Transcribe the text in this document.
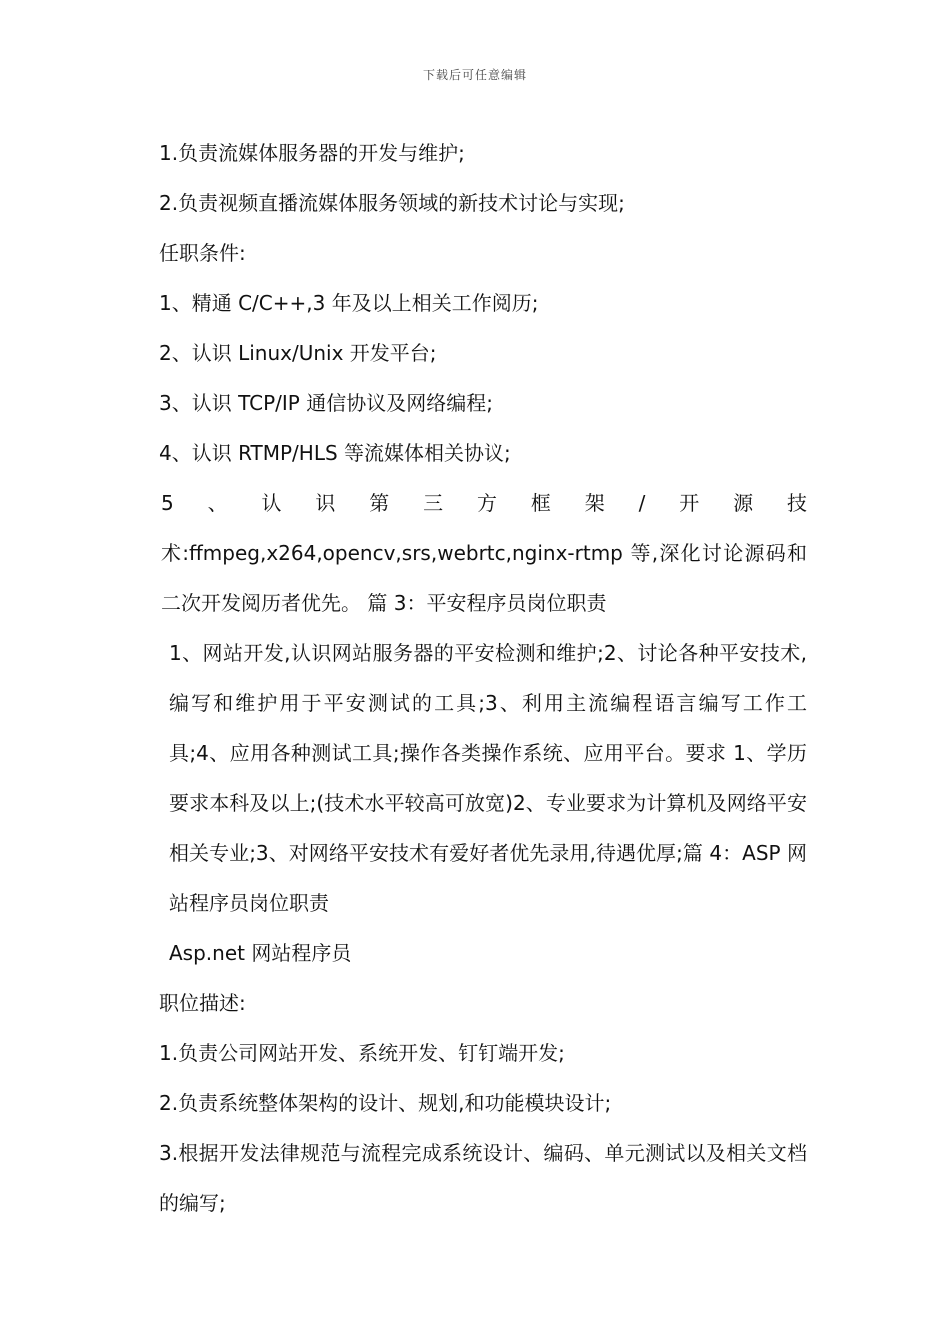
下载后可任意编辑

1.负责流媒体服务器的开发与维护;

2.负责视频直播流媒体服务领域的新技术讨论与实现;

任职条件:

1、精通 C/C++,3 年及以上相关工作阅历;

2、认识 Linux/Unix 开发平台;

3、认识 TCP/IP 通信协议及网络编程;

4、认识 RTMP/HLS 等流媒体相关协议;

5、认识第三方框架/开源技术:ffmpeg,x264,opencv,srs,webrtc,nginx-rtmp 等,深化讨论源码和二次开发阅历者优先。 篇 3：平安程序员岗位职责

1、网站开发,认识网站服务器的平安检测和维护;2、讨论各种平安技术,编写和维护用于平安测试的工具;3、利用主流编程语言编写工作工具;4、应用各种测试工具;操作各类操作系统、应用平台。要求 1、学历要求本科及以上;(技术水平较高可放宽)2、专业要求为计算机及网络平安相关专业;3、对网络平安技术有爱好者优先录用,待遇优厚;篇 4：ASP 网站程序员岗位职责

Asp.net 网站程序员

职位描述:

1.负责公司网站开发、系统开发、钉钉端开发;

2.负责系统整体架构的设计、规划,和功能模块设计;

3.根据开发法律规范与流程完成系统设计、编码、单元测试以及相关文档的编写;
